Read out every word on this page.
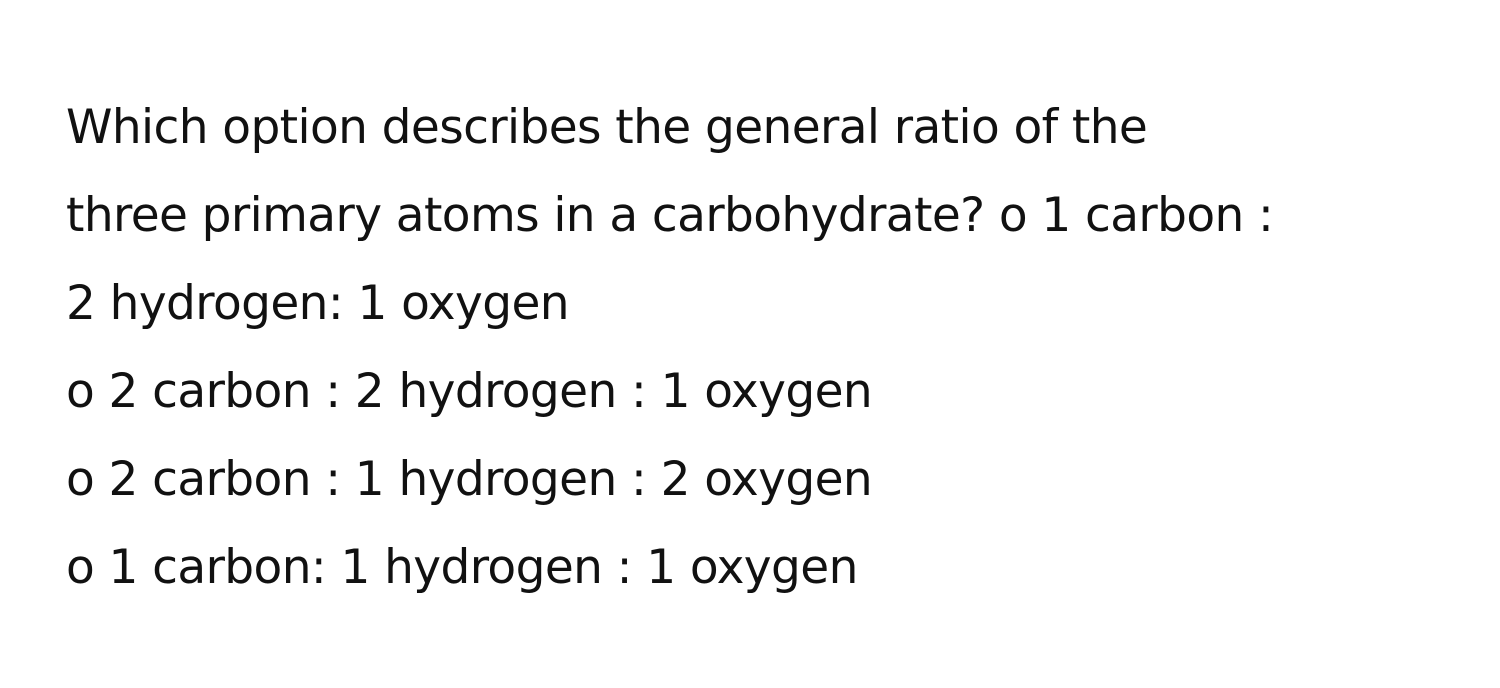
Which option describes the general ratio of the
three primary atoms in a carbohydrate? o 1 carbon :
2 hydrogen: 1 oxygen
o 2 carbon : 2 hydrogen : 1 oxygen
o 2 carbon : 1 hydrogen : 2 oxygen
o 1 carbon: 1 hydrogen : 1 oxygen
